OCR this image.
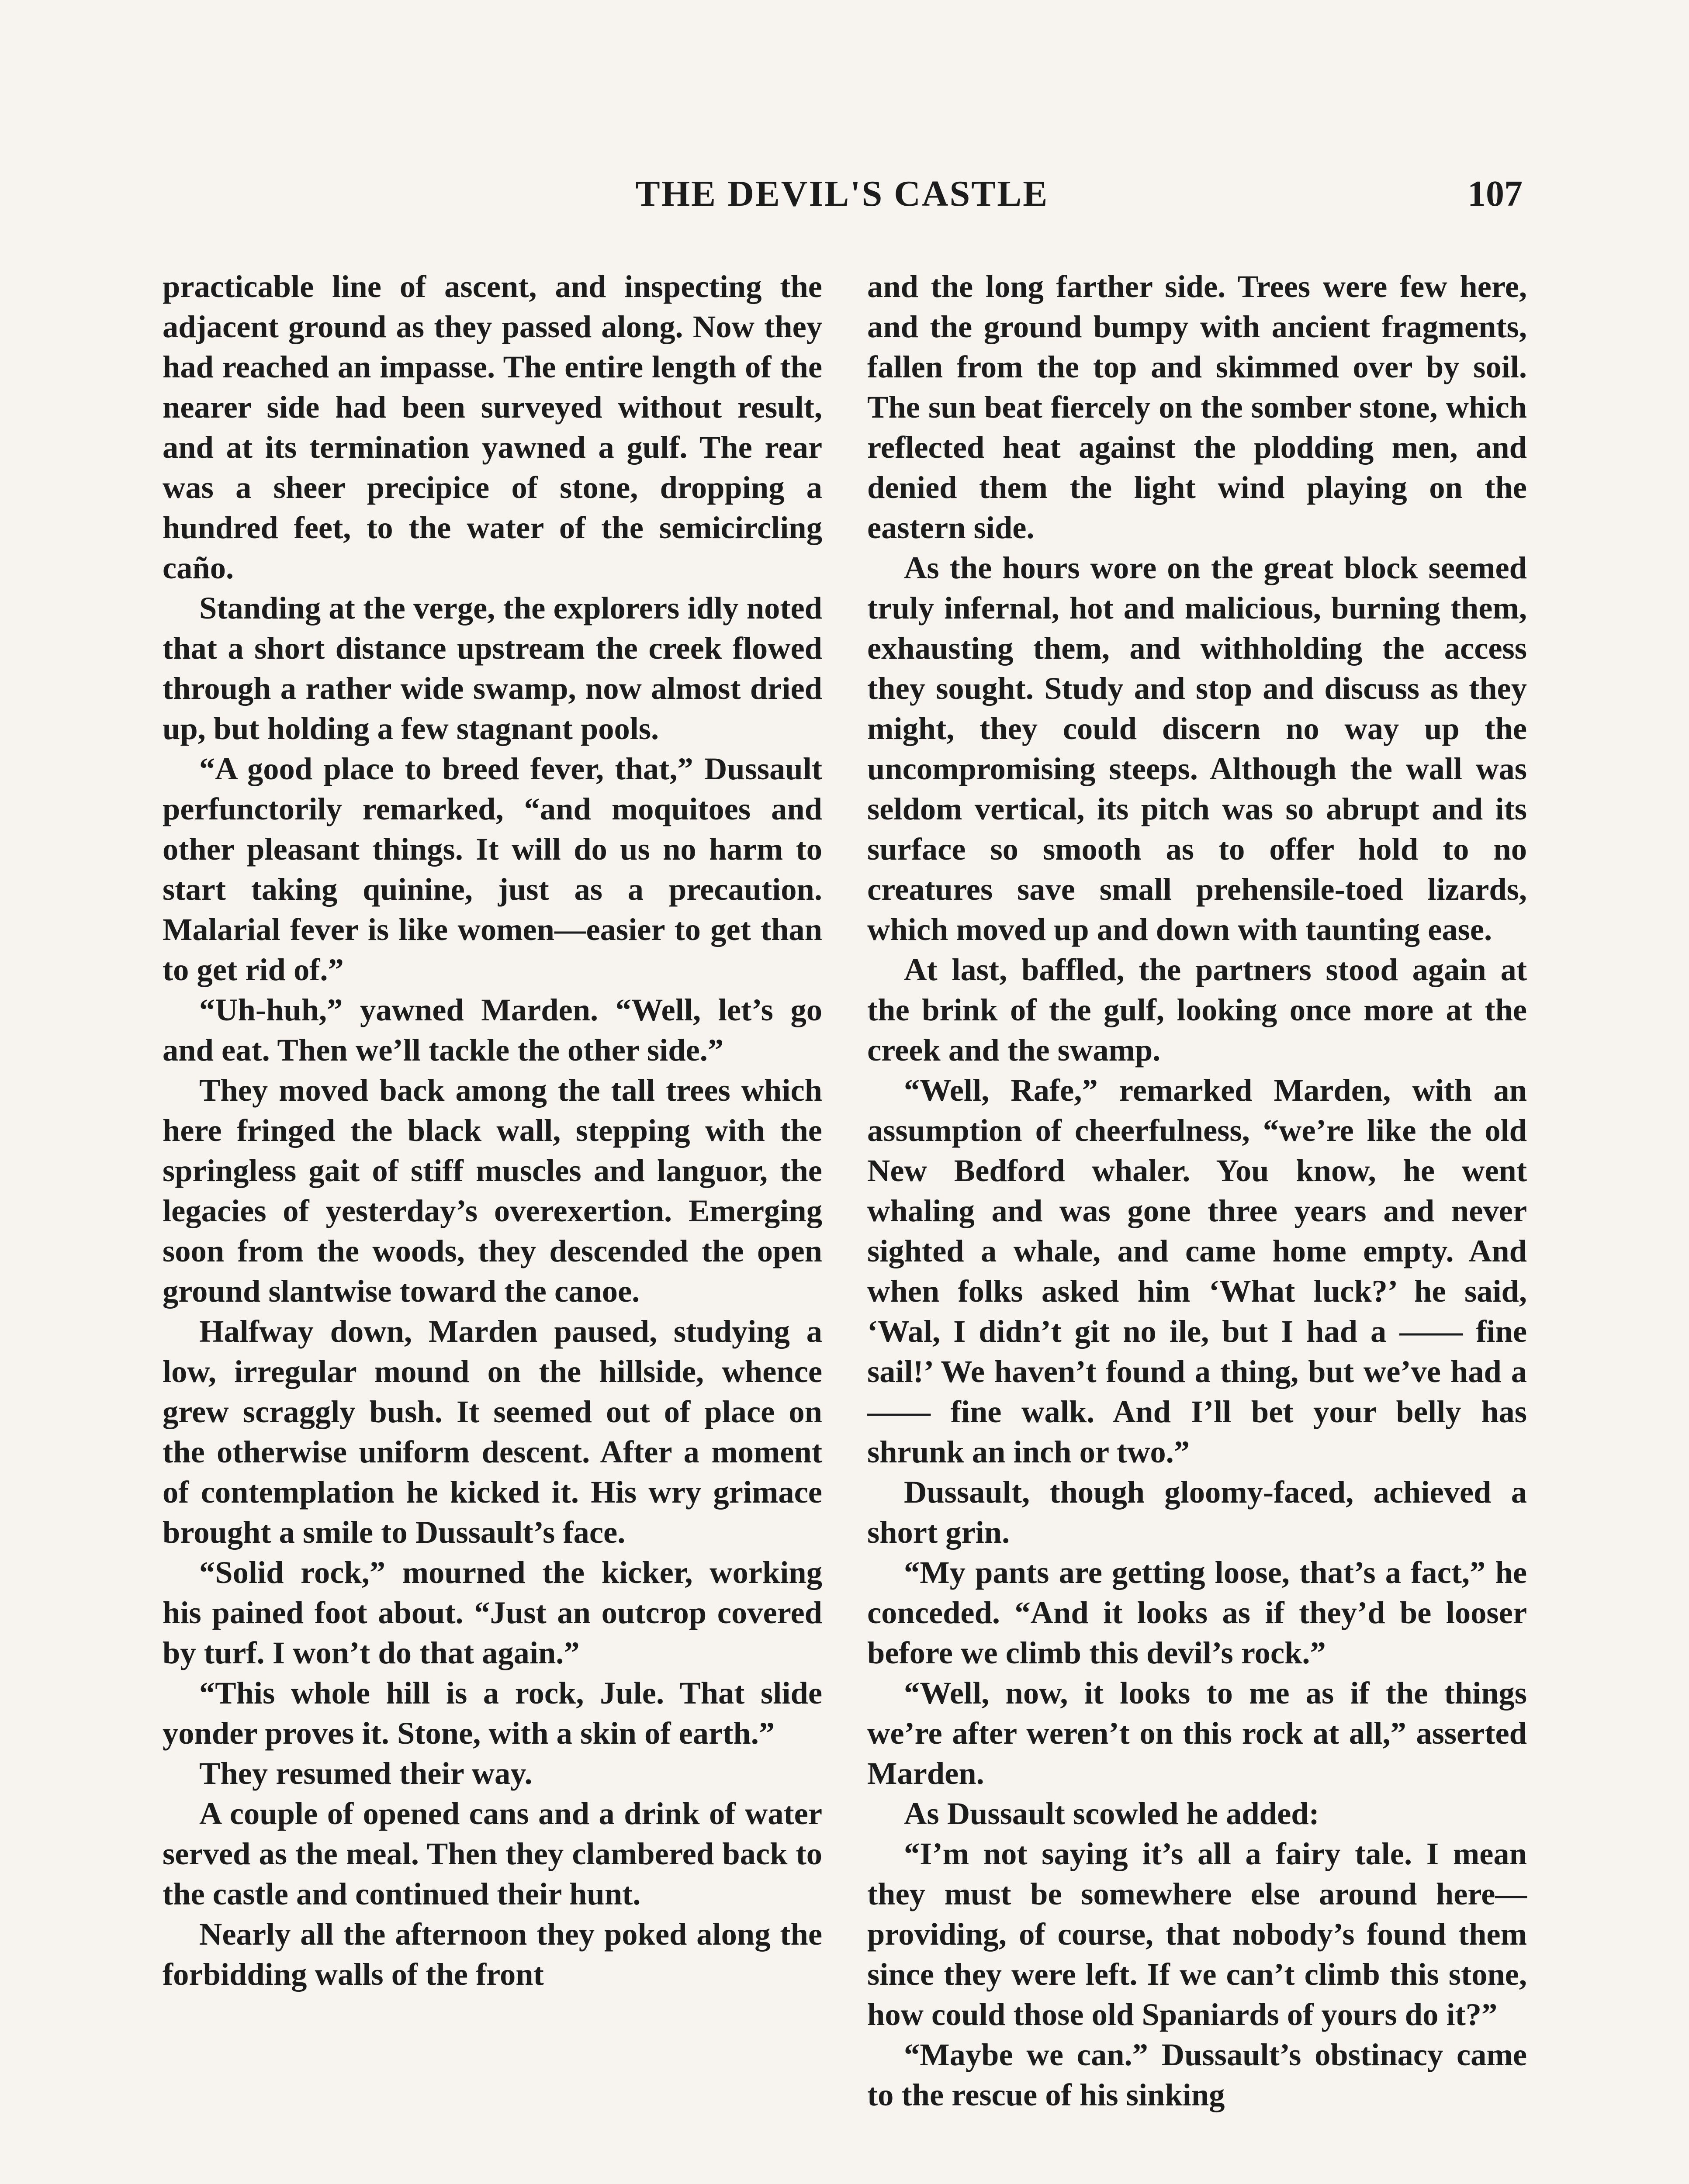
THE DEVIL'S CASTLE	107

practicable line of ascent, and inspecting the adjacent ground as they passed along. Now they had reached an impasse. The entire length of the nearer side had been surveyed without result, and at its termination yawned a gulf. The rear was a sheer precipice of stone, dropping a hundred feet, to the water of the semicircling caño.

Standing at the verge, the explorers idly noted that a short distance upstream the creek flowed through a rather wide swamp, now almost dried up, but holding a few stagnant pools.

“A good place to breed fever, that,” Dussault perfunctorily remarked, “and moquitoes and other pleasant things. It will do us no harm to start taking quinine, just as a precaution. Malarial fever is like women—easier to get than to get rid of.”

“Uh-huh,” yawned Marden. “Well, let’s go and eat. Then we’ll tackle the other side.”

They moved back among the tall trees which here fringed the black wall, stepping with the springless gait of stiff muscles and languor, the legacies of yesterday’s overexertion. Emerging soon from the woods, they descended the open ground slantwise toward the canoe.

Halfway down, Marden paused, studying a low, irregular mound on the hillside, whence grew scraggly bush. It seemed out of place on the otherwise uniform descent. After a moment of contemplation he kicked it. His wry grimace brought a smile to Dussault’s face.

“Solid rock,” mourned the kicker, working his pained foot about. “Just an outcrop covered by turf. I won’t do that again.”

“This whole hill is a rock, Jule. That slide yonder proves it. Stone, with a skin of earth.”

They resumed their way.

A couple of opened cans and a drink of water served as the meal. Then they clambered back to the castle and continued their hunt.

Nearly all the afternoon they poked along the forbidding walls of the front

and the long farther side. Trees were few here, and the ground bumpy with ancient fragments, fallen from the top and skimmed over by soil. The sun beat fiercely on the somber stone, which reflected heat against the plodding men, and denied them the light wind playing on the eastern side.

As the hours wore on the great block seemed truly infernal, hot and malicious, burning them, exhausting them, and withholding the access they sought. Study and stop and discuss as they might, they could discern no way up the uncompromising steeps. Although the wall was seldom vertical, its pitch was so abrupt and its surface so smooth as to offer hold to no creatures save small prehensile-toed lizards, which moved up and down with taunting ease.

At last, baffled, the partners stood again at the brink of the gulf, looking once more at the creek and the swamp.

“Well, Rafe,” remarked Marden, with an assumption of cheerfulness, “we’re like the old New Bedford whaler. You know, he went whaling and was gone three years and never sighted a whale, and came home empty. And when folks asked him ‘What luck?’ he said, ‘Wal, I didn’t git no ile, but I had a —— fine sail!’ We haven’t found a thing, but we’ve had a —— fine walk. And I’ll bet your belly has shrunk an inch or two.”

Dussault, though gloomy-faced, achieved a short grin.

“My pants are getting loose, that’s a fact,” he conceded. “And it looks as if they’d be looser before we climb this devil’s rock.”

“Well, now, it looks to me as if the things we’re after weren’t on this rock at all,” asserted Marden.

As Dussault scowled he added:

“I’m not saying it’s all a fairy tale. I mean they must be somewhere else around here—providing, of course, that nobody’s found them since they were left. If we can’t climb this stone, how could those old Spaniards of yours do it?”

“Maybe we can.” Dussault’s obstinacy came to the rescue of his sinking
